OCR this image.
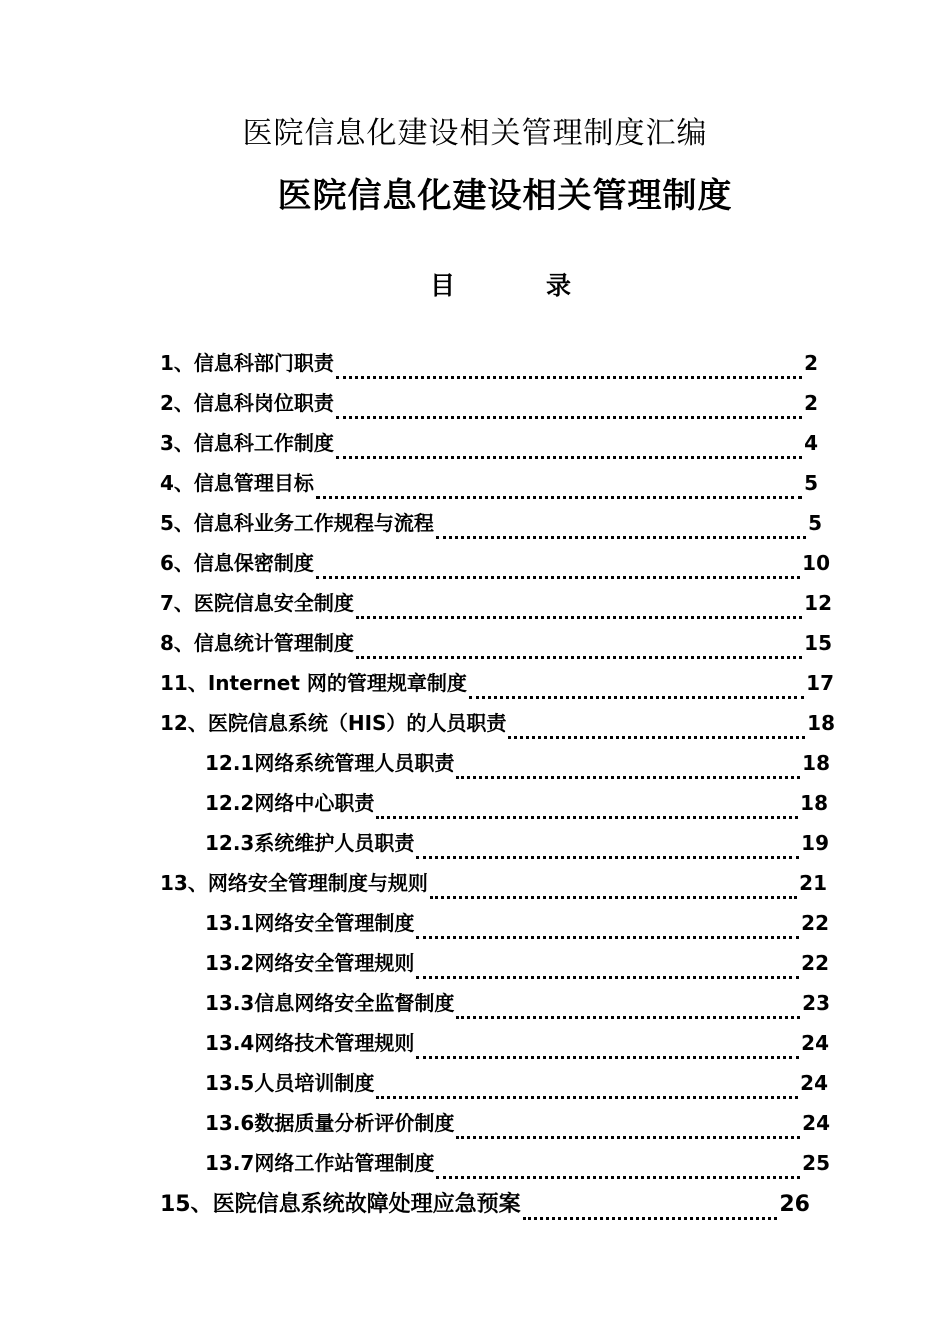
医院信息化建设相关管理制度汇编
医院信息化建设相关管理制度
目	录
1、 信息科部门职责	2
2、 信息科岗位职责	2
3、 信息科工作制度	4
4、 信息管理目标	5
5、 信息科业务工作规程与流程	5
6、 信息保密制度	10
7、 医院信息安全制度	12
8、 信息统计管理制度	15
11、 Internet 网的管理规章制度	17
12、 医院信息系统（HIS）的人员职责	18
12.1 网络系统管理人员职责	18
12.2 网络中心职责	18
12.3 系统维护人员职责	19
13、 网络安全管理制度与规则	21
13.1 网络安全管理制度	22
13.2 网络安全管理规则	22
13.3 信息网络安全监督制度	23
13.4 网络技术管理规则	24
13.5 人员培训制度	24
13.6 数据质量分析评价制度	24
13.7 网络工作站管理制度	25
15、 医院信息系统故障处理应急预案	26
